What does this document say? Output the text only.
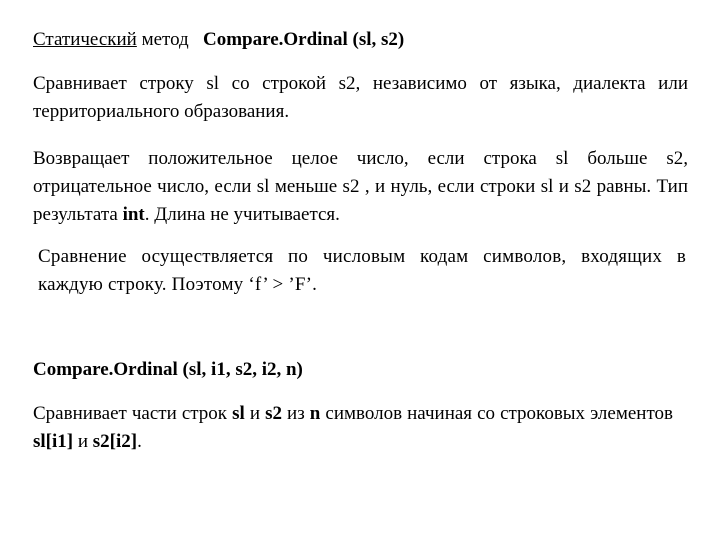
Статический метод Compare.Ordinal (sl, s2)

Сравнивает строку sl со строкой s2, независимо от языка, диалекта или территориального образования.

Возвращает положительное целое число, если строка sl больше s2, отрицательное число, если sl меньше s2 , и нуль, если строки sl и s2 равны. Тип результата int. Длина не учитывается.

Сравнение осуществляется по числовым кодам символов, входящих в каждую строку. Поэтому ‘f’ > ’F’.

Compare.Ordinal (sl, i1, s2, i2, n)

Сравнивает части строк sl и s2 из n символов начиная со строковых элементов sl[i1] и s2[i2].
